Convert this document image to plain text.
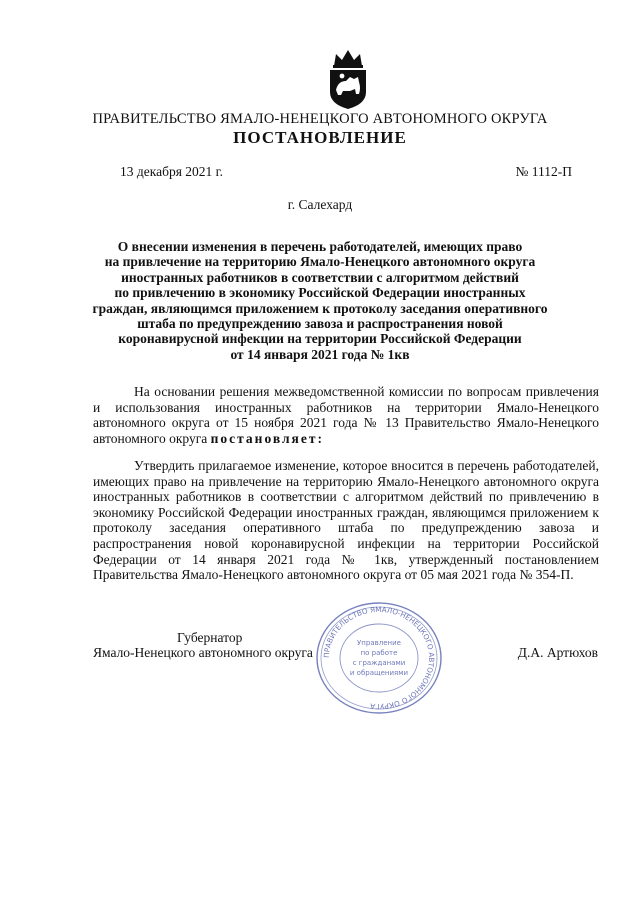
ПРАВИТЕЛЬСТВО ЯМАЛО-НЕНЕЦКОГО АВТОНОМНОГО ОКРУГА
ПОСТАНОВЛЕНИЕ
13 декабря 2021 г.	№ 1112-П
г. Салехард
О внесении изменения в перечень работодателей, имеющих право
на привлечение на территорию Ямало-Ненецкого автономного округа
иностранных работников в соответствии с алгоритмом действий
по привлечению в экономику Российской Федерации иностранных
граждан, являющимся приложением к протоколу заседания оперативного
штаба по предупреждению завоза и распространения новой
коронавирусной инфекции на территории Российской Федерации
от 14 января 2021 года № 1кв

На основании решения межведомственной комиссии по вопросам привлечения и использования иностранных работников на территории Ямало-Ненецкого автономного округа от 15 ноября 2021 года № 13 Правительство Ямало-Ненецкого автономного округа постановляет:

Утвердить прилагаемое изменение, которое вносится в перечень работодателей, имеющих право на привлечение на территорию Ямало-Ненецкого автономного округа иностранных работников в соответствии с алгоритмом действий по привлечению в экономику Российской Федерации иностранных граждан, являющимся приложением к протоколу заседания оперативного штаба по предупреждению завоза и распространения новой коронавирусной инфекции на территории Российской Федерации от 14 января 2021 года № 1кв, утвержденный постановлением Правительства Ямало-Ненецкого автономного округа от 05 мая 2021 года № 354-П.

Губернатор
Ямало-Ненецкого автономного округа	Д.А. Артюхов
ПРАВИТЕЛЬСТВО ЯМАЛО-НЕНЕЦКОГО АВТОНОМНОГО ОКРУГА
Управление
по работе
с гражданами
и обращениями
